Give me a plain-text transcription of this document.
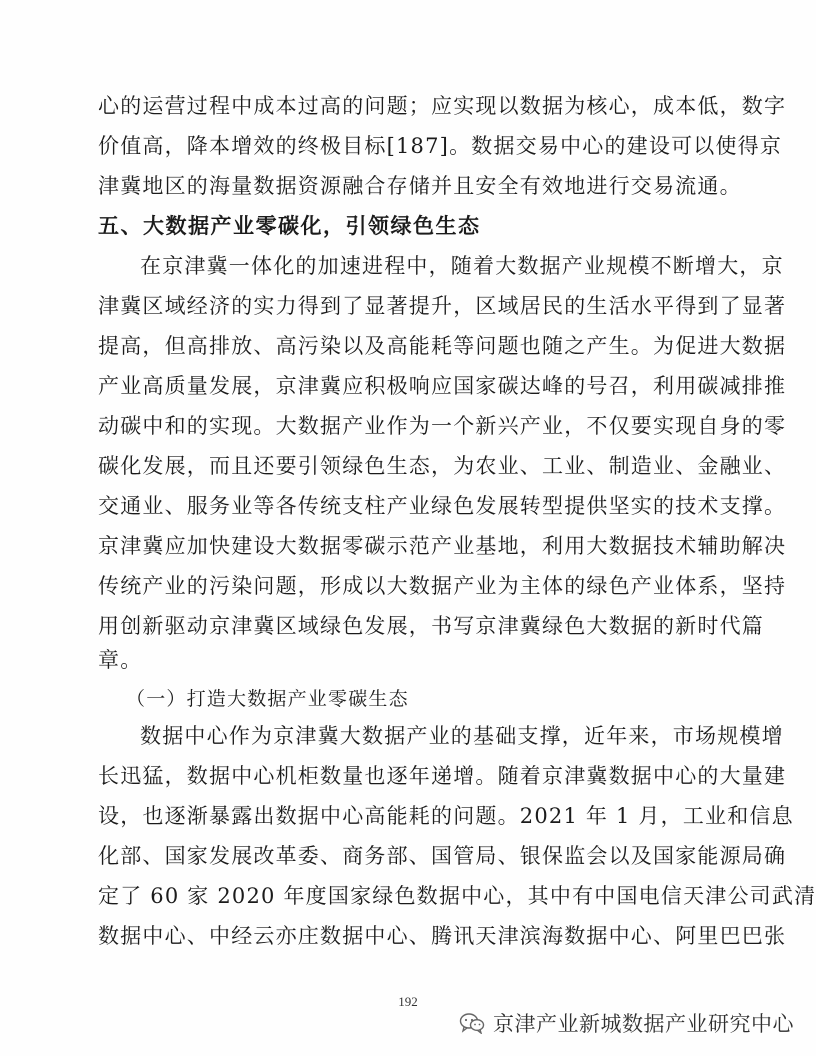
心的运营过程中成本过高的问题；应实现以数据为核心，成本低，数字
价值高，降本增效的终极目标[187]。数据交易中心的建设可以使得京
津冀地区的海量数据资源融合存储并且安全有效地进行交易流通。
五、大数据产业零碳化，引领绿色生态
在京津冀一体化的加速进程中，随着大数据产业规模不断增大，京
津冀区域经济的实力得到了显著提升，区域居民的生活水平得到了显著
提高，但高排放、高污染以及高能耗等问题也随之产生。为促进大数据
产业高质量发展，京津冀应积极响应国家碳达峰的号召，利用碳减排推
动碳中和的实现。大数据产业作为一个新兴产业，不仅要实现自身的零
碳化发展，而且还要引领绿色生态，为农业、工业、制造业、金融业、
交通业、服务业等各传统支柱产业绿色发展转型提供坚实的技术支撑。
京津冀应加快建设大数据零碳示范产业基地，利用大数据技术辅助解决
传统产业的污染问题，形成以大数据产业为主体的绿色产业体系，坚持
用创新驱动京津冀区域绿色发展，书写京津冀绿色大数据的新时代篇
章。
（一）打造大数据产业零碳生态
数据中心作为京津冀大数据产业的基础支撑，近年来，市场规模增
长迅猛，数据中心机柜数量也逐年递增。随着京津冀数据中心的大量建
设，也逐渐暴露出数据中心高能耗的问题。2021 年 1 月，工业和信息
化部、国家发展改革委、商务部、国管局、银保监会以及国家能源局确
定了 60 家 2020 年度国家绿色数据中心，其中有中国电信天津公司武清
数据中心、中经云亦庄数据中心、腾讯天津滨海数据中心、阿里巴巴张
192
京津产业新城数据产业研究中心
